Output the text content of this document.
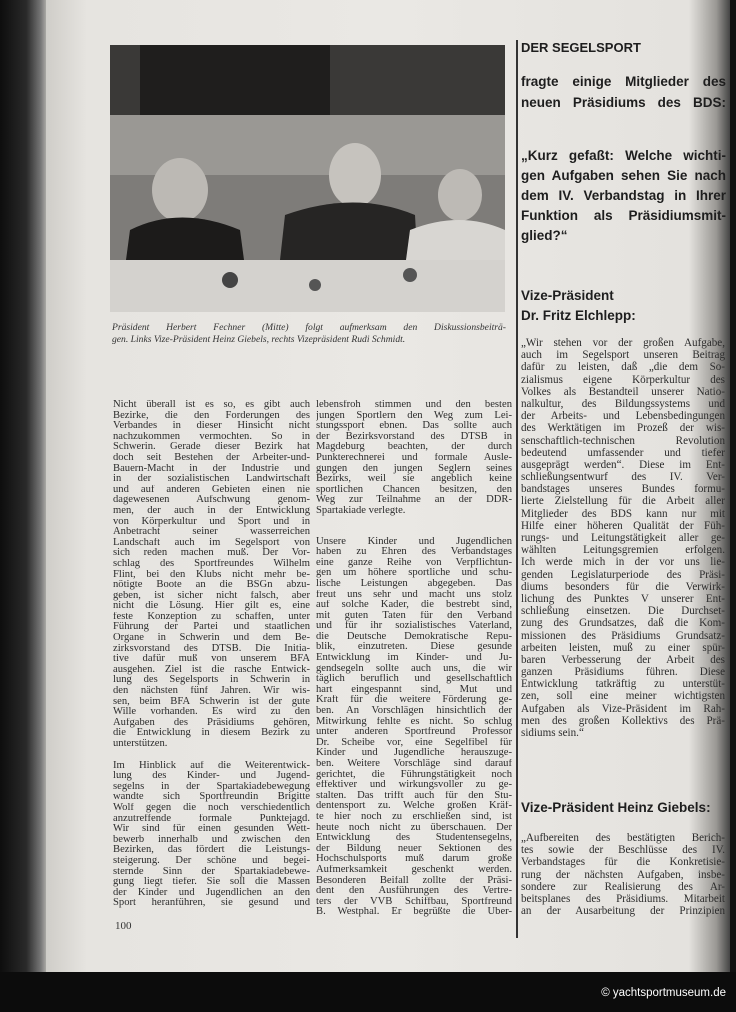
Präsident Herbert Fechner (Mitte) folgt aufmerksam den Diskussionsbeiträ-
gen. Links Vize-Präsident Heinz Giebels, rechts Vizepräsident Rudi Schmidt.
Nicht überall ist es so, es gibt auch
Bezirke, die den Forderungen des
Verbandes in dieser Hinsicht nicht
nachzukommen vermochten. So in
Schwerin. Gerade dieser Bezirk hat
doch seit Bestehen der Arbeiter-und-
Bauern-Macht in der Industrie und
in der sozialistischen Landwirtschaft
und auf anderen Gebieten einen nie
dagewesenen Aufschwung genom-
men, der auch in der Entwicklung
von Körperkultur und Sport und in
Anbetracht seiner wasserreichen
Landschaft auch im Segelsport von
sich reden machen muß. Der Vor-
schlag des Sportfreundes Wilhelm
Flint, bei den Klubs nicht mehr be-
nötigte Boote an die BSGn abzu-
geben, ist sicher nicht falsch, aber
nicht die Lösung. Hier gilt es, eine
feste Konzeption zu schaffen, unter
Führung der Partei und staatlichen
Organe in Schwerin und dem Be-
zirksvorstand des DTSB. Die Initia-
tive dafür muß von unserem BFA
ausgehen. Ziel ist die rasche Entwick-
lung des Segelsports in Schwerin in
den nächsten fünf Jahren. Wir wis-
sen, beim BFA Schwerin ist der gute
Wille vorhanden. Es wird zu den
Aufgaben des Präsidiums gehören,
die Entwicklung in diesem Bezirk zu
unterstützen.
Im Hinblick auf die Weiterentwick-
lung des Kinder- und Jugend-
segelns in der Spartakiadebewegung
wandte sich Sportfreundin Brigitte
Wolf gegen die noch verschiedentlich
anzutreffende formale Punktejagd.
Wir sind für einen gesunden Wett-
bewerb innerhalb und zwischen den
Bezirken, das fördert die Leistungs-
steigerung. Der schöne und begei-
sternde Sinn der Spartakiadebewe-
gung liegt tiefer. Sie soll die Massen
der Kinder und Jugendlichen an den
Sport heranführen, sie gesund und
100
lebensfroh stimmen und den besten
jungen Sportlern den Weg zum Lei-
stungssport ebnen. Das sollte auch
der Bezirksvorstand des DTSB in
Magdeburg beachten, der durch
Punkterechnerei und formale Ausle-
gungen den jungen Seglern seines
Bezirks, weil sie angeblich keine
sportlichen Chancen besitzen, den
Weg zur Teilnahme an der DDR-
Spartakiade verlegte.
Unsere Kinder und Jugendlichen
haben zu Ehren des Verbandstages
eine ganze Reihe von Verpflichtun-
gen um höhere sportliche und schu-
lische Leistungen abgegeben. Das
freut uns sehr und macht uns stolz
auf solche Kader, die bestrebt sind,
mit guten Taten für den Verband
und für ihr sozialistisches Vaterland,
die Deutsche Demokratische Repu-
blik, einzutreten. Diese gesunde
Entwicklung im Kinder- und Ju-
gendsegeln sollte auch uns, die wir
täglich beruflich und gesellschaftlich
hart eingespannt sind, Mut und
Kraft für die weitere Förderung ge-
ben. An Vorschlägen hinsichtlich der
Mitwirkung fehlte es nicht. So schlug
unter anderen Sportfreund Professor
Dr. Scheibe vor, eine Segelfibel für
Kinder und Jugendliche herauszuge-
ben. Weitere Vorschläge sind darauf
gerichtet, die Führungstätigkeit noch
effektiver und wirkungsvoller zu ge-
stalten. Das trifft auch für den Stu-
dentensport zu. Welche großen Kräf-
te hier noch zu erschließen sind, ist
heute noch nicht zu überschauen. Der
Entwicklung des Studentensegelns,
der Bildung neuer Sektionen des
Hochschulsports muß darum große
Aufmerksamkeit geschenkt werden.
Besonderen Beifall zollte der Präsi-
dent den Ausführungen des Vertre-
ters der VVB Schiffbau, Sportfreund
B. Westphal. Er begrüßte die Über-
DER SEGELSPORT
fragte einige Mitglieder des
neuen Präsidiums des BDS:
„Kurz gefaßt: Welche wichti-
gen Aufgaben sehen Sie nach
dem IV. Verbandstag in Ihrer
Funktion als Präsidiumsmit-
glied?“
Vize-Präsident
Dr. Fritz Elchlepp:
„Wir stehen vor der großen Aufgabe,
auch im Segelsport unseren Beitrag
dafür zu leisten, daß „die dem So-
zialismus eigene Körperkultur des
Volkes als Bestandteil unserer Natio-
nalkultur, des Bildungssystems und
der Arbeits- und Lebensbedingungen
des Werktätigen im Prozeß der wis-
senschaftlich-technischen Revolution
bedeutend umfassender und tiefer
ausgeprägt werden“. Diese im Ent-
schließungsentwurf des IV. Ver-
bandstages unseres Bundes formu-
lierte Zielstellung für die Arbeit aller
Mitglieder des BDS kann nur mit
Hilfe einer höheren Qualität der Füh-
rungs- und Leitungstätigkeit aller ge-
wählten Leitungsgremien erfolgen.
Ich werde mich in der vor uns lie-
genden Legislaturperiode des Präsi-
diums besonders für die Verwirk-
lichung des Punktes V unserer Ent-
schließung einsetzen. Die Durchset-
zung des Grundsatzes, daß die Kom-
missionen des Präsidiums Grundsatz-
arbeiten leisten, muß zu einer spür-
baren Verbesserung der Arbeit des
ganzen Präsidiums führen. Diese
Entwicklung tatkräftig zu unterstüt-
zen, soll eine meiner wichtigsten
Aufgaben als Vize-Präsident im Rah-
men des großen Kollektivs des Prä-
sidiums sein.“
Vize-Präsident Heinz Giebels:
„Aufbereiten des bestätigten Berich-
tes sowie der Beschlüsse des IV.
Verbandstages für die Konkretisie-
rung der nächsten Aufgaben, insbe-
sondere zur Realisierung des Ar-
beitsplanes des Präsidiums. Mitarbeit
an der Ausarbeitung der Prinzipien
© yachtsportmuseum.de
